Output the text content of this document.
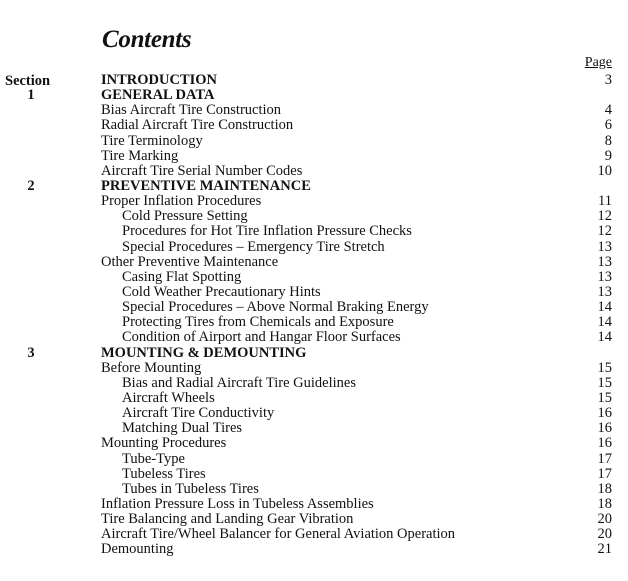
Contents
Page
Section	INTRODUCTION	3
1	GENERAL DATA
Bias Aircraft Tire Construction	4
Radial Aircraft Tire Construction	6
Tire Terminology	8
Tire Marking	9
Aircraft Tire Serial Number Codes	10
2	PREVENTIVE MAINTENANCE
Proper Inflation Procedures	11
Cold Pressure Setting	12
Procedures for Hot Tire Inflation Pressure Checks	12
Special Procedures – Emergency Tire Stretch	13
Other Preventive Maintenance	13
Casing Flat Spotting	13
Cold Weather Precautionary Hints	13
Special Procedures – Above Normal Braking Energy	14
Protecting Tires from Chemicals and Exposure	14
Condition of Airport and Hangar Floor Surfaces	14
3	MOUNTING & DEMOUNTING
Before Mounting	15
Bias and Radial Aircraft Tire Guidelines	15
Aircraft Wheels	15
Aircraft Tire Conductivity	16
Matching Dual Tires	16
Mounting Procedures	16
Tube-Type	17
Tubeless Tires	17
Tubes in Tubeless Tires	18
Inflation Pressure Loss in Tubeless Assemblies	18
Tire Balancing and Landing Gear Vibration	20
Aircraft Tire/Wheel Balancer for General Aviation Operation	20
Demounting	21
